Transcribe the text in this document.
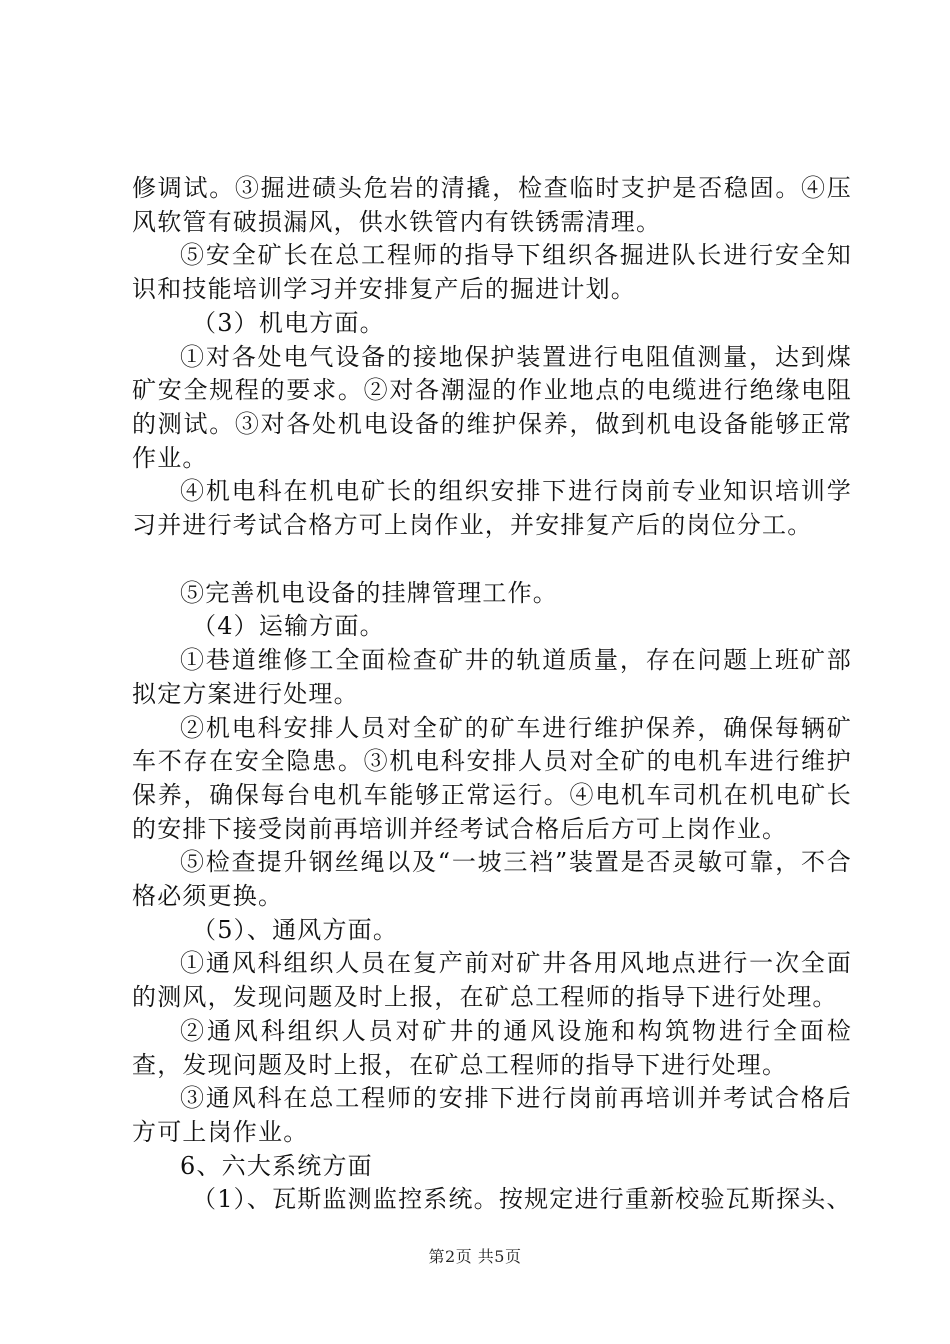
修调试。③掘进碛头危岩的清撬，检查临时支护是否稳固。④压风软管有破损漏风，供水铁管内有铁锈需清理。

⑤安全矿长在总工程师的指导下组织各掘进队长进行安全知识和技能培训学习并安排复产后的掘进计划。

（3）机电方面。

①对各处电气设备的接地保护装置进行电阻值测量，达到煤矿安全规程的要求。②对各潮湿的作业地点的电缆进行绝缘电阻的测试。③对各处机电设备的维护保养，做到机电设备能够正常作业。

④机电科在机电矿长的组织安排下进行岗前专业知识培训学习并进行考试合格方可上岗作业，并安排复产后的岗位分工。

⑤完善机电设备的挂牌管理工作。

（4）运输方面。

①巷道维修工全面检查矿井的轨道质量，存在问题上班矿部拟定方案进行处理。

②机电科安排人员对全矿的矿车进行维护保养，确保每辆矿车不存在安全隐患。③机电科安排人员对全矿的电机车进行维护保养，确保每台电机车能够正常运行。④电机车司机在机电矿长的安排下接受岗前再培训并经考试合格后后方可上岗作业。

⑤检查提升钢丝绳以及“一坡三裆”装置是否灵敏可靠，不合格必须更换。

（5）、通风方面。

①通风科组织人员在复产前对矿井各用风地点进行一次全面的测风，发现问题及时上报，在矿总工程师的指导下进行处理。

②通风科组织人员对矿井的通风设施和构筑物进行全面检查，发现问题及时上报，在矿总工程师的指导下进行处理。

③通风科在总工程师的安排下进行岗前再培训并考试合格后方可上岗作业。

6、六大系统方面

（1）、瓦斯监测监控系统。按规定进行重新校验瓦斯探头、

第2页 共5页
